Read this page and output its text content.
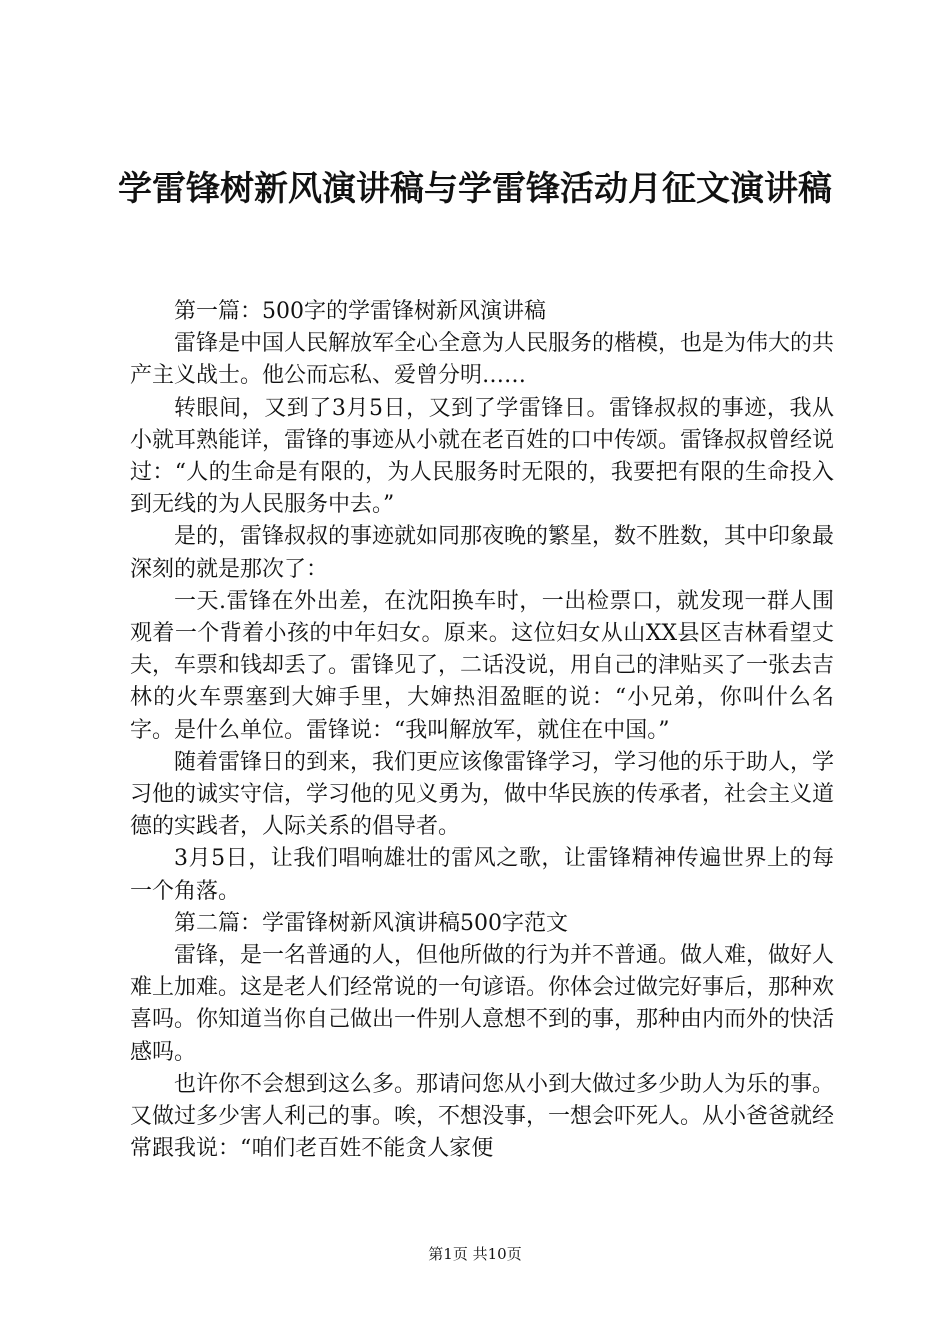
学雷锋树新风演讲稿与学雷锋活动月征文演讲稿

第一篇：500字的学雷锋树新风演讲稿

雷锋是中国人民解放军全心全意为人民服务的楷模，也是为伟大的共产主义战士。他公而忘私、爱曾分明……

转眼间，又到了3月5日，又到了学雷锋日。雷锋叔叔的事迹，我从小就耳熟能详，雷锋的事迹从小就在老百姓的口中传颂。雷锋叔叔曾经说过：“人的生命是有限的，为人民服务时无限的，我要把有限的生命投入到无线的为人民服务中去。”

是的，雷锋叔叔的事迹就如同那夜晚的繁星，数不胜数，其中印象最深刻的就是那次了：

一天.雷锋在外出差，在沈阳换车时，一出检票口，就发现一群人围观着一个背着小孩的中年妇女。原来。这位妇女从山XX县区吉林看望丈夫，车票和钱却丢了。雷锋见了，二话没说，用自己的津贴买了一张去吉林的火车票塞到大婶手里，大婶热泪盈眶的说：“小兄弟，你叫什么名字。是什么单位。雷锋说：“我叫解放军，就住在中国。”

随着雷锋日的到来，我们更应该像雷锋学习，学习他的乐于助人，学习他的诚实守信，学习他的见义勇为，做中华民族的传承者，社会主义道德的实践者，人际关系的倡导者。

3月5日，让我们唱响雄壮的雷风之歌，让雷锋精神传遍世界上的每一个角落。

第二篇：学雷锋树新风演讲稿500字范文

雷锋，是一名普通的人，但他所做的行为并不普通。做人难，做好人难上加难。这是老人们经常说的一句谚语。你体会过做完好事后，那种欢喜吗。你知道当你自己做出一件别人意想不到的事，那种由内而外的快活感吗。

也许你不会想到这么多。那请问您从小到大做过多少助人为乐的事。又做过多少害人利己的事。唉，不想没事，一想会吓死人。从小爸爸就经常跟我说：“咱们老百姓不能贪人家便

第1页 共10页
